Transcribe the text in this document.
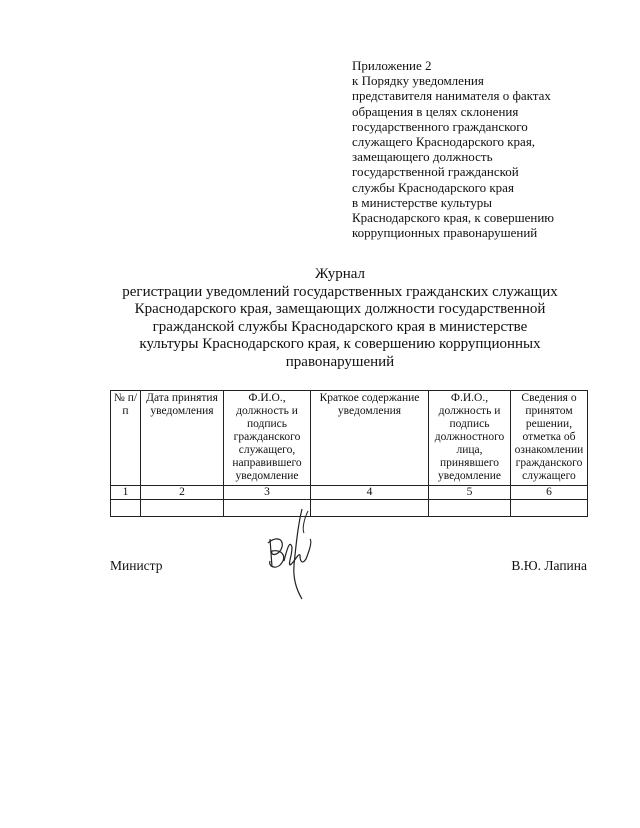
Приложение 2
к Порядку уведомления
представителя нанимателя о фактах
обращения в целях склонения
государственного гражданского
служащего Краснодарского края,
замещающего должность
государственной гражданской
службы Краснодарского края
в министерстве культуры
Краснодарского края, к совершению
коррупционных правонарушений
Журнал
регистрации уведомлений государственных гражданских служащих
Краснодарского края, замещающих должности государственной
гражданской службы Краснодарского края в министерстве
культуры Краснодарского края, к совершению коррупционных
правонарушений
№ п/п	Дата принятия уведомления	Ф.И.О., должность и подпись гражданского служащего, направившего уведомление	Краткое содержание уведомления	Ф.И.О., должность и подпись должностного лица, принявшего уведомление	Сведения о принятом решении, отметка об ознакомлении гражданского служащего
1	2	3	4	5	6

Министр	В.Ю. Лапина
